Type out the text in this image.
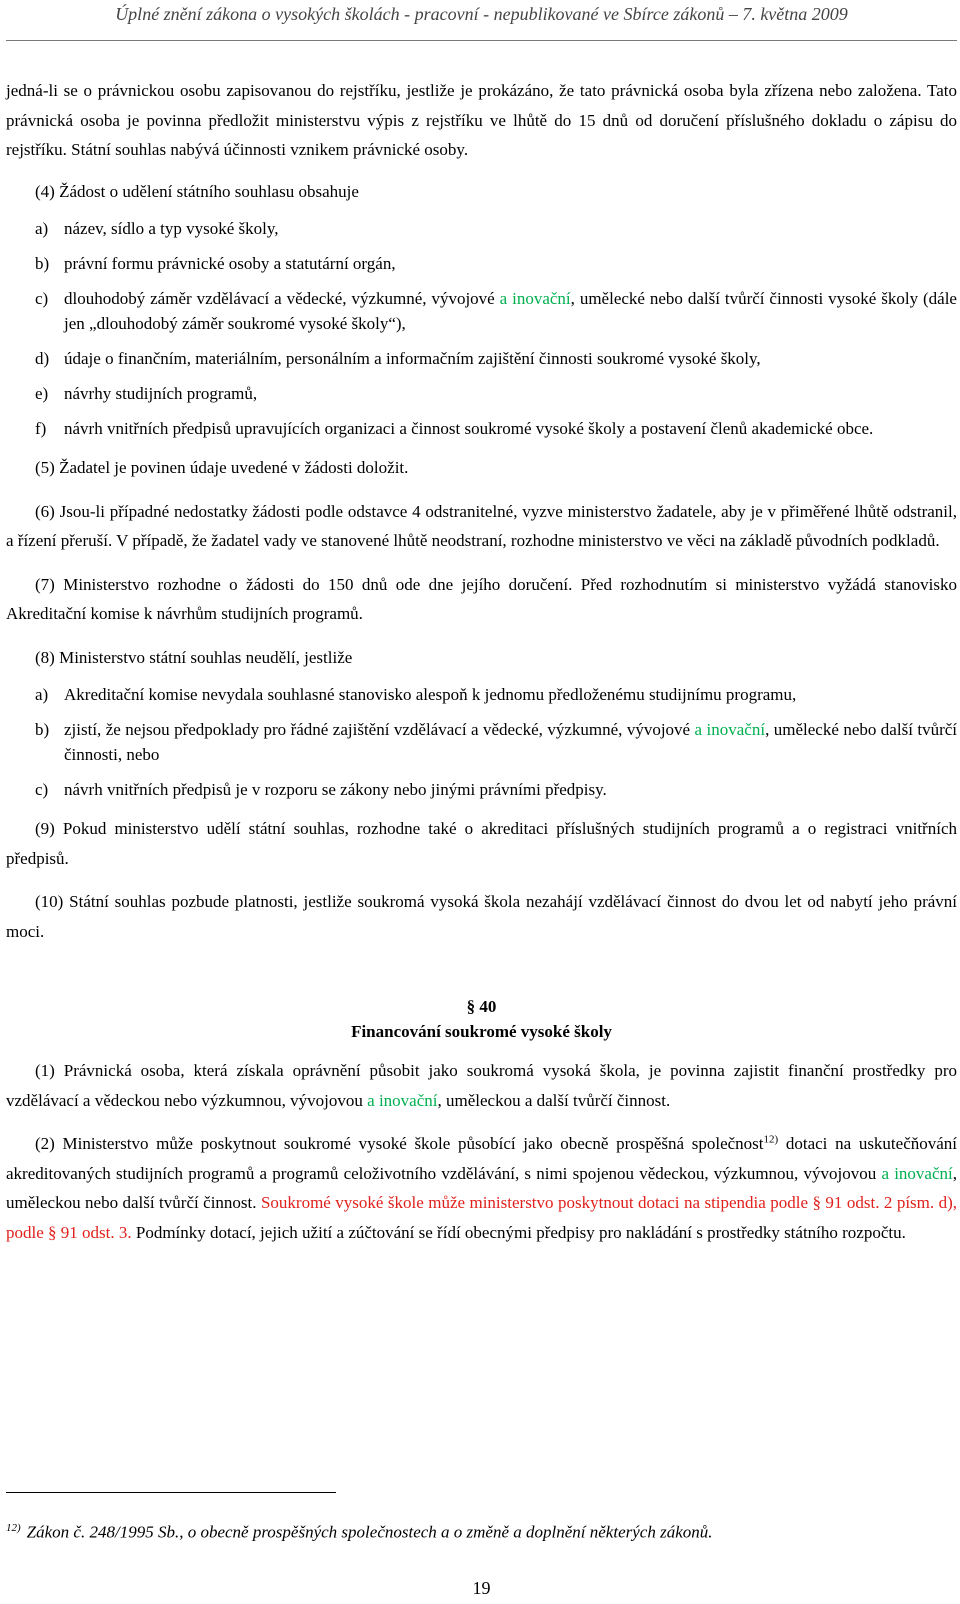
Úplné znění zákona o vysokých školách - pracovní - nepublikované ve Sbírce zákonů – 7. května 2009

jedná-li se o právnickou osobu zapisovanou do rejstříku, jestliže je prokázáno, že tato právnická osoba byla zřízena nebo založena. Tato právnická osoba je povinna předložit ministerstvu výpis z rejstříku ve lhůtě do 15 dnů od doručení příslušného dokladu o zápisu do rejstříku. Státní souhlas nabývá účinnosti vznikem právnické osoby.

(4) Žádost o udělení státního souhlasu obsahuje

a) název, sídlo a typ vysoké školy,
b) právní formu právnické osoby a statutární orgán,
c) dlouhodobý záměr vzdělávací a vědecké, výzkumné, vývojové a inovační, umělecké nebo další tvůrčí činnosti vysoké školy (dále jen „dlouhodobý záměr soukromé vysoké školy“),
d) údaje o finančním, materiálním, personálním a informačním zajištění činnosti soukromé vysoké školy,
e) návrhy studijních programů,
f)	návrh vnitřních předpisů upravujících organizaci a činnost soukromé vysoké školy a postavení členů akademické obce.

(5) Žadatel je povinen údaje uvedené v žádosti doložit.

(6) Jsou-li případné nedostatky žádosti podle odstavce 4 odstranitelné, vyzve ministerstvo žadatele, aby je v přiměřené lhůtě odstranil, a řízení přeruší. V případě, že žadatel vady ve stanovené lhůtě neodstraní, rozhodne ministerstvo ve věci na základě původních podkladů.

(7) Ministerstvo rozhodne o žádosti do 150 dnů ode dne jejího doručení. Před rozhodnutím si ministerstvo vyžádá stanovisko Akreditační komise k návrhům studijních programů.

(8) Ministerstvo státní souhlas neudělí, jestliže

a) Akreditační komise nevydala souhlasné stanovisko alespoň k jednomu předloženému studijnímu programu,
b) zjistí, že nejsou předpoklady pro řádné zajištění vzdělávací a vědecké, výzkumné, vývojové a inovační, umělecké nebo další tvůrčí činnosti, nebo
c) návrh vnitřních předpisů je v rozporu se zákony nebo jinými právními předpisy.

(9) Pokud ministerstvo udělí státní souhlas, rozhodne také o akreditaci příslušných studijních programů a o registraci vnitřních předpisů.

(10) Státní souhlas pozbude platnosti, jestliže soukromá vysoká škola nezahájí vzdělávací činnost do dvou let od nabytí jeho právní moci.

§ 40
Financování soukromé vysoké školy

(1) Právnická osoba, která získala oprávnění působit jako soukromá vysoká škola, je povinna zajistit finanční prostředky pro vzdělávací a vědeckou nebo výzkumnou, vývojovou a inovační, uměleckou a další tvůrčí činnost.

(2) Ministerstvo může poskytnout soukromé vysoké škole působící jako obecně prospěšná společnost$^{12)}$ dotaci na uskutečňování akreditovaných studijních programů a programů celoživotního vzdělávání, s nimi spojenou vědeckou, výzkumnou, vývojovou a inovační, uměleckou nebo další tvůrčí činnost. Soukromé vysoké škole může ministerstvo poskytnout dotaci na stipendia podle § 91 odst. 2 písm. d), podle § 91 odst. 3. Podmínky dotací, jejich užití a zúčtování se řídí obecnými předpisy pro nakládání s prostředky státního rozpočtu.

$^{12)}$ Zákon č. 248/1995 Sb., o obecně prospěšných společnostech a o změně a doplnění některých zákonů.
19
